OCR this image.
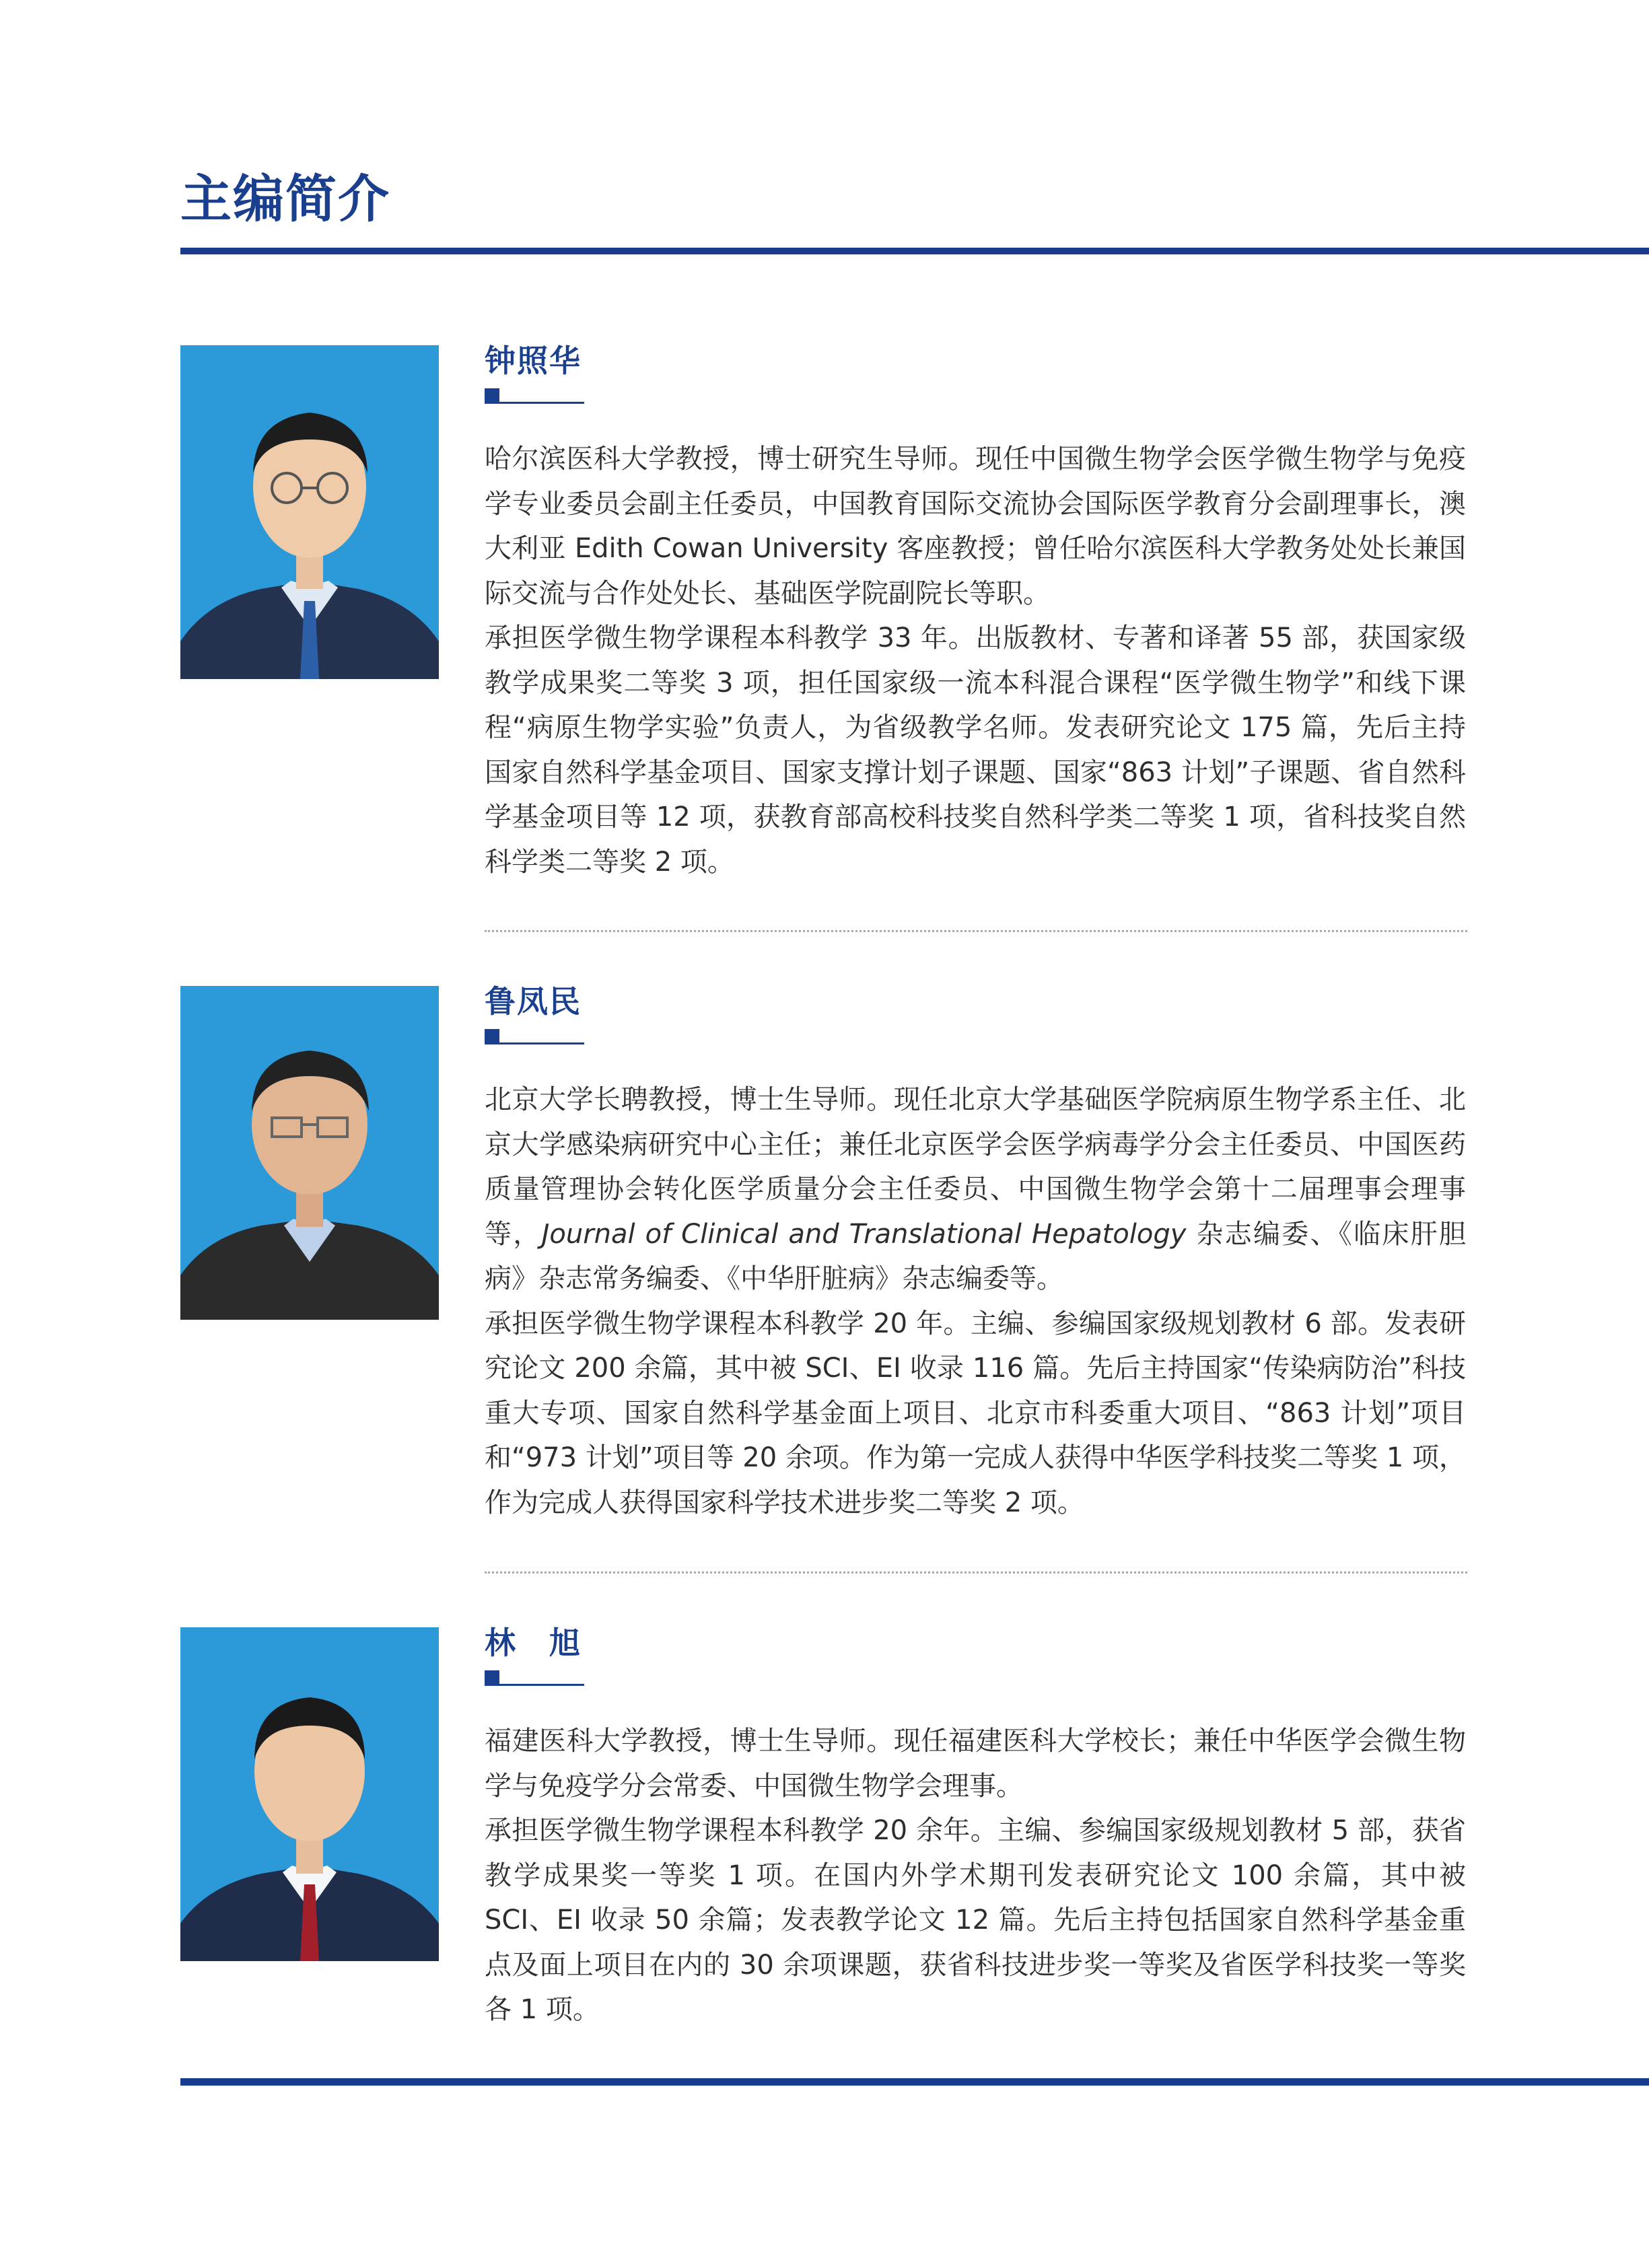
主编简介
钟照华

哈尔滨医科大学教授，博士研究生导师。现任中国微生物学会医学微生物学与免疫学专业委员会副主任委员，中国教育国际交流协会国际医学教育分会副理事长，澳大利亚 Edith Cowan University 客座教授；曾任哈尔滨医科大学教务处处长兼国际交流与合作处处长、基础医学院副院长等职。

承担医学微生物学课程本科教学 33 年。出版教材、专著和译著 55 部，获国家级教学成果奖二等奖 3 项，担任国家级一流本科混合课程“医学微生物学”和线下课程“病原生物学实验”负责人，为省级教学名师。发表研究论文 175 篇，先后主持国家自然科学基金项目、国家支撑计划子课题、国家“863 计划”子课题、省自然科学基金项目等 12 项，获教育部高校科技奖自然科学类二等奖 1 项，省科技奖自然科学类二等奖 2 项。

鲁凤民

北京大学长聘教授，博士生导师。现任北京大学基础医学院病原生物学系主任、北京大学感染病研究中心主任；兼任北京医学会医学病毒学分会主任委员、中国医药质量管理协会转化医学质量分会主任委员、中国微生物学会第十二届理事会理事等，Journal of Clinical and Translational Hepatology 杂志编委、《临床肝胆病》杂志常务编委、《中华肝脏病》杂志编委等。

承担医学微生物学课程本科教学 20 年。主编、参编国家级规划教材 6 部。发表研究论文 200 余篇，其中被 SCI、EI 收录 116 篇。先后主持国家“传染病防治”科技重大专项、国家自然科学基金面上项目、北京市科委重大项目、“863 计划”项目和“973 计划”项目等 20 余项。作为第一完成人获得中华医学科技奖二等奖 1 项，作为完成人获得国家科学技术进步奖二等奖 2 项。

林　旭

福建医科大学教授，博士生导师。现任福建医科大学校长；兼任中华医学会微生物学与免疫学分会常委、中国微生物学会理事。

承担医学微生物学课程本科教学 20 余年。主编、参编国家级规划教材 5 部，获省教学成果奖一等奖 1 项。在国内外学术期刊发表研究论文 100 余篇，其中被 SCI、EI 收录 50 余篇；发表教学论文 12 篇。先后主持包括国家自然科学基金重点及面上项目在内的 30 余项课题，获省科技进步奖一等奖及省医学科技奖一等奖各 1 项。
